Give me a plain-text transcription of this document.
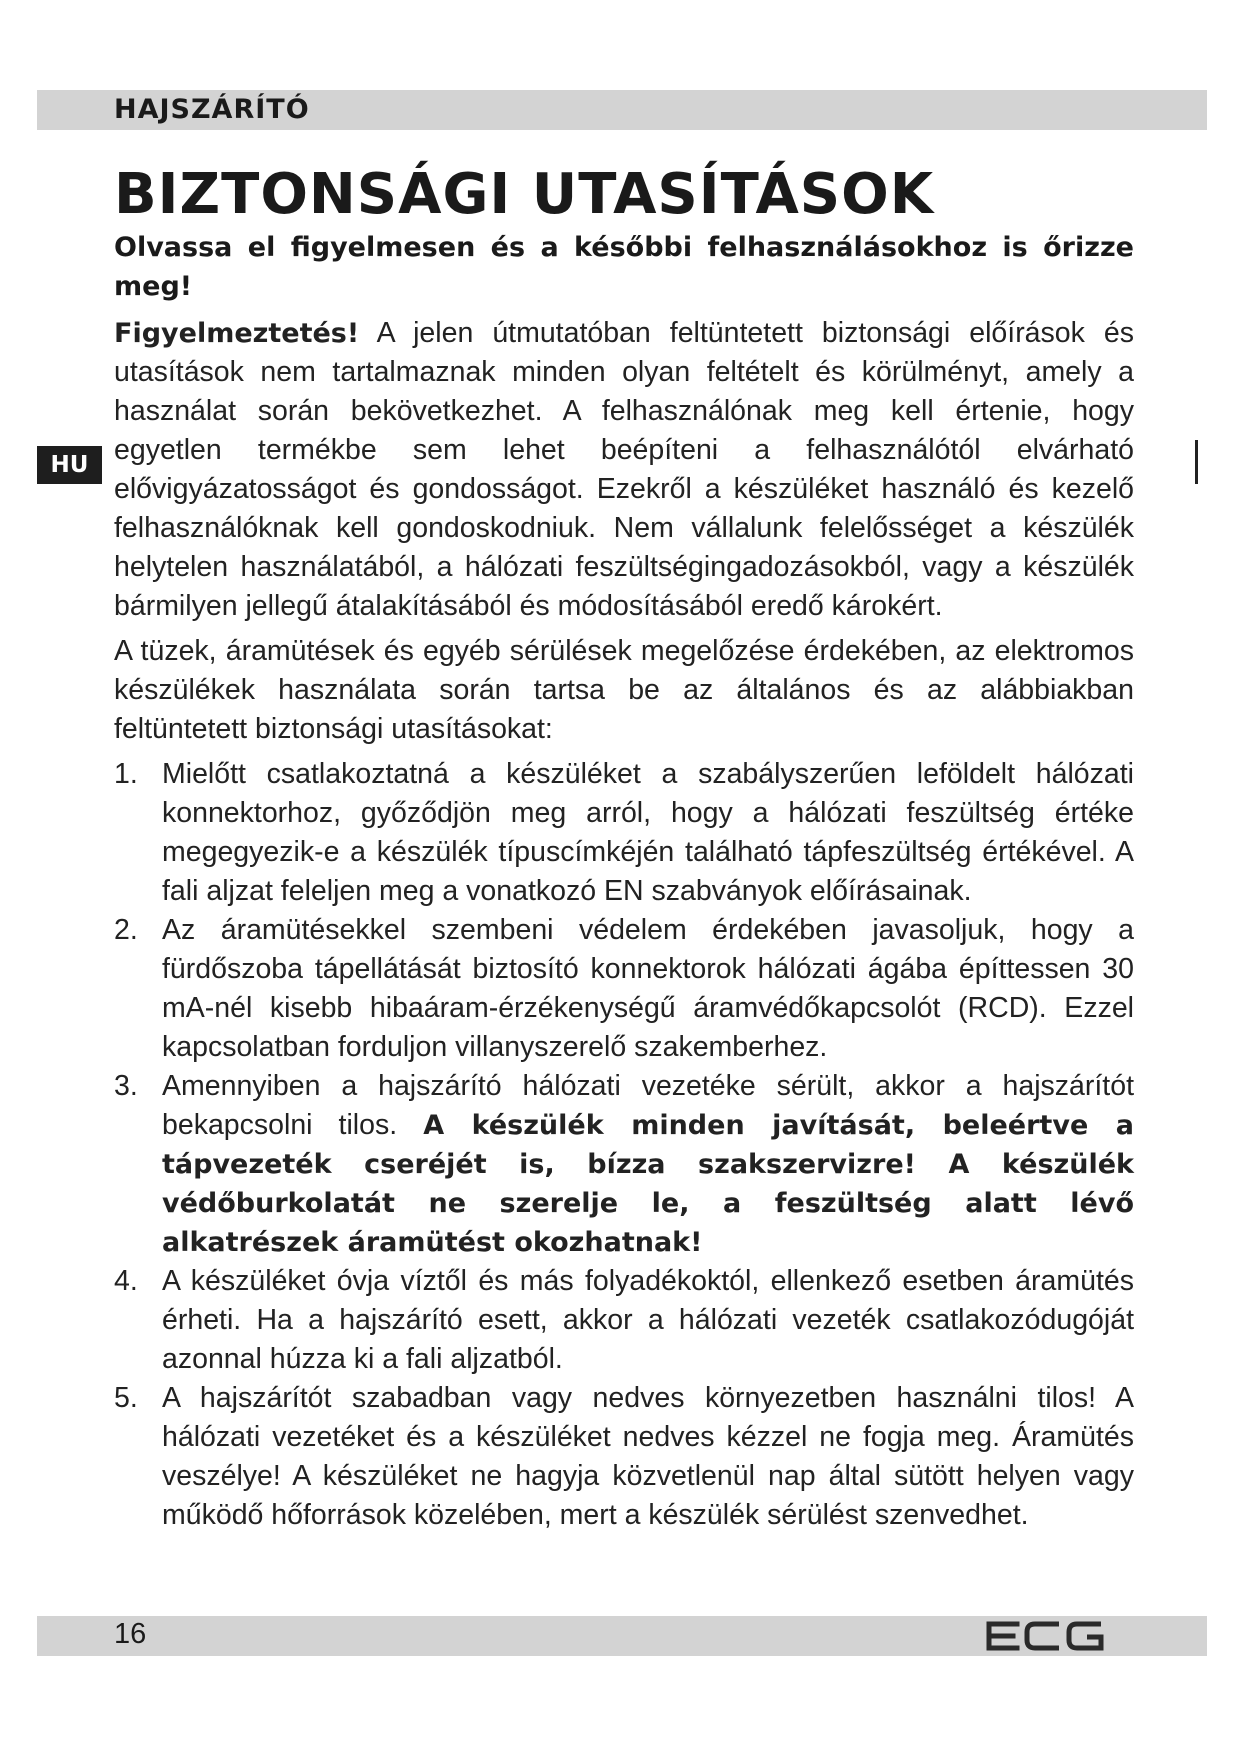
HAJSZÁRÍTÓ
BIZTONSÁGI UTASÍTÁSOK
HU

Olvassa el figyelmesen és a későbbi felhasználásokhoz is őrizze meg!

Figyelmeztetés! A jelen útmutatóban feltüntetett biztonsági előírások és utasítások nem tartalmaznak minden olyan feltételt és körülményt, amely a használat során bekövetkezhet. A felhasználónak meg kell értenie, hogy egyetlen termékbe sem lehet beépíteni a felhasználótól elvárható elővigyázatosságot és gondosságot. Ezekről a készüléket használó és kezelő felhasználóknak kell gondoskodniuk. Nem vállalunk felelősséget a készülék helytelen használatából, a hálózati feszültségingadozásokból, vagy a készülék bármilyen jellegű átalakításából és módosításából eredő károkért.

A tüzek, áramütések és egyéb sérülések megelőzése érdekében, az elektromos készülékek használata során tartsa be az általános és az alábbiakban feltüntetett biztonsági utasításokat:

1. Mielőtt csatlakoztatná a készüléket a szabályszerűen leföldelt hálózati konnektorhoz, győződjön meg arról, hogy a hálózati feszültség értéke megegyezik-e a készülék típuscímkéjén található tápfeszültség értékével. A fali aljzat feleljen meg a vonatkozó EN szabványok előírásainak.
2. Az áramütésekkel szembeni védelem érdekében javasoljuk, hogy a fürdőszoba tápellátását biztosító konnektorok hálózati ágába építtessen 30 mA-nél kisebb hibaáram-érzékenységű áramvédőkapcsolót (RCD). Ezzel kapcsolatban forduljon villanyszerelő szakemberhez.
3. Amennyiben a hajszárító hálózati vezetéke sérült, akkor a hajszárítót bekapcsolni tilos. A készülék minden javítását, beleértve a tápvezeték cseréjét is, bízza szakszervizre! A készülék védőburkolatát ne szerelje le, a feszültség alatt lévő alkatrészek áramütést okozhatnak!
4. A készüléket óvja víztől és más folyadékoktól, ellenkező esetben áramütés érheti. Ha a hajszárító esett, akkor a hálózati vezeték csatlakozódugóját azonnal húzza ki a fali aljzatból.
5. A hajszárítót szabadban vagy nedves környezetben használni tilos! A hálózati vezetéket és a készüléket nedves kézzel ne fogja meg. Áramütés veszélye! A készüléket ne hagyja közvetlenül nap által sütött helyen vagy működő hőforrások közelében, mert a készülék sérülést szenvedhet.
16
